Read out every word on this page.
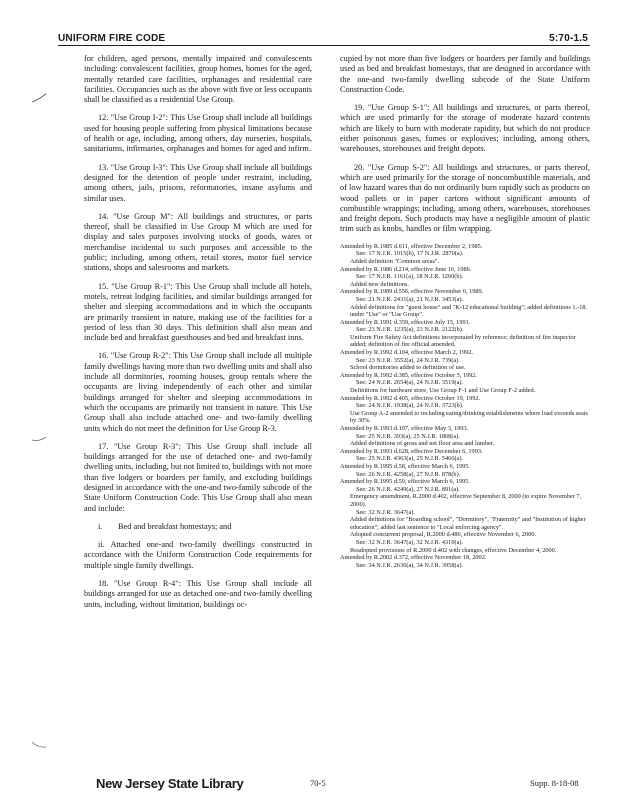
UNIFORM FIRE CODE	5:70-1.5

for children, aged persons, mentally impaired and convalescents including: convalescent facilities, group homes, homes for the aged, mentally retarded care facilities, orphanages and residential care facilities. Occupancies such as the above with five or less occupants shall be classified as a residential Use Group.

12. "Use Group I-2": This Use Group shall include all buildings used for housing people suffering from physical limitations because of health or age, including, among others, day nurseries, hospitals, sanitariums, infirmaries, orphanages and homes for aged and infirm.

13. "Use Group I-3": This Use Group shall include all buildings designed for the detention of people under restraint, including, among others, jails, prisons, reformatories, insane asylums and similar uses.

14. "Use Group M": All buildings and structures, or parts thereof, shall be classified in Use Group M which are used for display and sales purposes involving stocks of goods, wares or merchandise incidental to such purposes and accessible to the public; including, among others, retail stores, motor fuel service stations, shops and salesrooms and markets.

15. "Use Group R-1": This Use Group shall include all hotels, motels, retreat lodging facilities, and similar buildings arranged for shelter and sleeping accommodations and in which the occupants are primarily transient in nature, making use of the facilities for a period of less than 30 days. This definition shall also mean and include bed and breakfast guesthouses and bed and breakfast inns.

16. "Use Group R-2": This Use Group shall include all multiple family dwellings having more than two dwelling units and shall also include all dormitories, rooming houses, group rentals where the occupants are living independently of each other and similar buildings arranged for shelter and sleeping accommodations in which the occupants are primarily not transient in nature. This Use Group shall also include attached one- and two-family dwelling units which do not meet the definition for Use Group R-3.

17. "Use Group R-3": This Use Group shall include all buildings arranged for the use of detached one- and two-family dwelling units, including, but not limited to, buildings with not more than five lodgers or boarders per family, and excluding buildings designed in accordance with the one-and two-family subcode of the State Uniform Construction Code. This Use Group shall also mean and include:

i. Bed and breakfast homestays; and

ii. Attached one-and two-family dwellings constructed in accordance with the Uniform Construction Code requirements for multiple single family dwellings.

18. "Use Group R-4": This Use Group shall include all buildings arranged for use as detached one-and two-family dwelling units, including, without limitation, buildings oc-

cupied by not more than five lodgers or boarders per family and buildings used as bed and breakfast homestays, that are designed in accordance with the one-and two-family dwelling subcode of the State Uniform Construction Code.

19. "Use Group S-1": All buildings and structures, or parts thereof, which are used primarily for the storage of moderate hazard contents which are likely to burn with moderate rapidity, but which do not produce either poisonous gases, fumes or explosives; including, among others, warehouses, storehouses and freight depots.

20. "Use Group S-2": All buildings and structures, or parts thereof, which are used primarily for the storage of noncombustible materials, and of low hazard wares that do not ordinarily burn rapidly such as products on wood pallets or in paper cartons without significant amounts of combustible wrappings; including, among others, warehouses, storehouses and freight depots. Such products may have a negligible amount of plastic trim such as knobs, handles or film wrapping.

Amended by R.1985 d.611, effective December 2, 1985.
See: 17 N.J.R. 1015(b), 17 N.J.R. 2870(a).
Added definition "Common areas".
Amended by R.1986 d.214, effective June 16, 1986.
See: 17 N.J.R. 1161(a), 18 N.J.R. 1260(b).
Added new definitions.
Amended by R.1989 d.556, effective November 6, 1989.
See: 21 N.J.R. 2431(a), 21 N.J.R. 3453(a).
Added definitions for "guest house" and "K-12 educational building"; added definitions 1.-18. under "Use" or "Use Group".
Amended by R.1991 d.359, effective July 15, 1991.
See: 23 N.J.R. 1235(a), 23 N.J.R. 2122(b).
Uniform Fire Safety Act definitions incorporated by reference; definition of fire inspector added; definition of fire official amended.
Amended by R.1992 d.104, effective March 2, 1992.
See: 23 N.J.R. 3552(a), 24 N.J.R. 739(a).
School dormitories added to definition of use.
Amended by R.1992 d.385, effective October 5, 1992.
See: 24 N.J.R. 2654(a), 24 N.J.R. 3519(a).
Definitions for hardware store, Use Group F-1 and Use Group F-2 added.
Amended by R.1992 d.405, effective October 19, 1992.
See: 24 N.J.R. 1938(a), 24 N.J.R. 3723(b).
Use Group A-2 amended to including eating/drinking establishments where load exceeds seats by 30%.
Amended by R.1993 d.197, effective May 3, 1993.
See: 25 N.J.R. 393(a), 25 N.J.R. 1868(a).
Added definitions of gross and net floor area and lumber.
Amended by R.1993 d.628, effective December 6, 1993.
See: 25 N.J.R. 4363(a), 25 N.J.R. 5466(a).
Amended by R.1995 d.58, effective March 6, 1995.
See: 26 N.J.R. 4258(a), 27 N.J.R. 878(b).
Amended by R.1995 d.59, effective March 6, 1995.
See: 26 N.J.R. 4249(a), 27 N.J.R. 891(a).
Emergency amendment, R.2000 d.402, effective September 8, 2000 (to expire November 7, 2000).
See: 32 N.J.R. 3647(a).
Added definitions for "Boarding school", "Dormitory", "Fraternity" and "Institution of higher education"; added last sentence to "Local enforcing agency".
Adopted concurrent proposal, R.2000 d.486, effective November 6, 2000.
See: 32 N.J.R. 3647(a), 32 N.J.R. 4310(a).
Readopted provisions of R.2000 d.402 with changes, effective December 4, 2000.
Amended by R.2002 d.372, effective November 18, 2002.
See: 34 N.J.R. 2636(a), 34 N.J.R. 3958(a).
New Jersey State Library	70-5	Supp. 8-18-08
